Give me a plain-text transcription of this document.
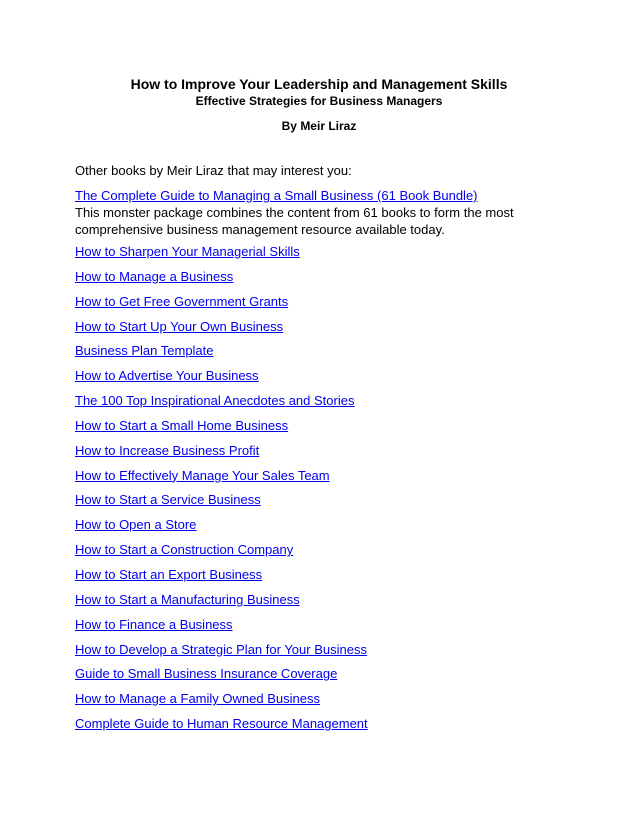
How to Improve Your Leadership and Management Skills
Effective Strategies for Business Managers
By Meir Liraz
Other books by Meir Liraz that may interest you:
The Complete Guide to Managing a Small Business (61 Book Bundle)
This monster package combines the content from 61 books to form the most
comprehensive business management resource available today.
How to Sharpen Your Managerial Skills
How to Manage a Business
How to Get Free Government Grants
How to Start Up Your Own Business
Business Plan Template
How to Advertise Your Business
The 100 Top Inspirational Anecdotes and Stories
How to Start a Small Home Business
How to Increase Business Profit
How to Effectively Manage Your Sales Team
How to Start a Service Business
How to Open a Store
How to Start a Construction Company
How to Start an Export Business
How to Start a Manufacturing Business
How to Finance a Business
How to Develop a Strategic Plan for Your Business
Guide to Small Business Insurance Coverage
How to Manage a Family Owned Business
Complete Guide to Human Resource Management
